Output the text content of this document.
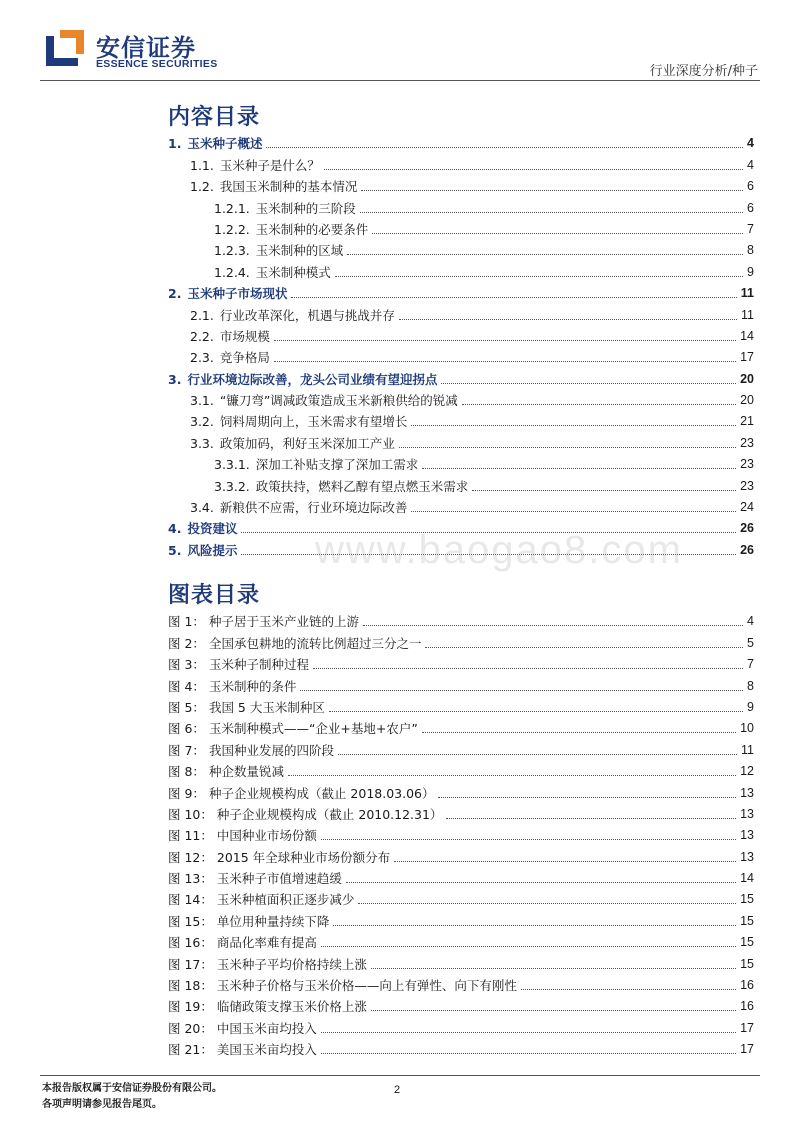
安信证券
ESSENCE SECURITIES	行业深度分析/种子
内容目录
1. 玉米种子概述	4
1.1. 玉米种子是什么？	4
1.2. 我国玉米制种的基本情况	6
1.2.1. 玉米制种的三阶段	6
1.2.2. 玉米制种的必要条件	7
1.2.3. 玉米制种的区域	8
1.2.4. 玉米制种模式	9
2. 玉米种子市场现状	11
2.1. 行业改革深化，机遇与挑战并存	11
2.2. 市场规模	14
2.3. 竞争格局	17
3. 行业环境边际改善，龙头公司业绩有望迎拐点	20
3.1. “镰刀弯”调减政策造成玉米新粮供给的锐减	20
3.2. 饲料周期向上，玉米需求有望增长	21
3.3. 政策加码，利好玉米深加工产业	23
3.3.1. 深加工补贴支撑了深加工需求	23
3.3.2. 政策扶持，燃料乙醇有望点燃玉米需求	23
3.4. 新粮供不应需，行业环境边际改善	24
4. 投资建议	26
5. 风险提示	26
图表目录
图 1： 种子居于玉米产业链的上游	4
图 2： 全国承包耕地的流转比例超过三分之一	5
图 3： 玉米种子制种过程	7
图 4： 玉米制种的条件	8
图 5： 我国 5 大玉米制种区	9
图 6： 玉米制种模式——“企业+基地+农户”	10
图 7： 我国种业发展的四阶段	11
图 8： 种企数量锐减	12
图 9： 种子企业规模构成（截止 2018.03.06）	13
图 10： 种子企业规模构成（截止 2010.12.31）	13
图 11： 中国种业市场份额	13
图 12： 2015 年全球种业市场份额分布	13
图 13： 玉米种子市值增速趋缓	14
图 14： 玉米种植面积正逐步减少	15
图 15： 单位用种量持续下降	15
图 16： 商品化率难有提高	15
图 17： 玉米种子平均价格持续上涨	15
图 18： 玉米种子价格与玉米价格——向上有弹性、向下有刚性	16
图 19： 临储政策支撑玉米价格上涨	16
图 20： 中国玉米亩均投入	17
图 21： 美国玉米亩均投入	17
www.baogao8.com
本报告版权属于安信证券股份有限公司。
各项声明请参见报告尾页。
2
